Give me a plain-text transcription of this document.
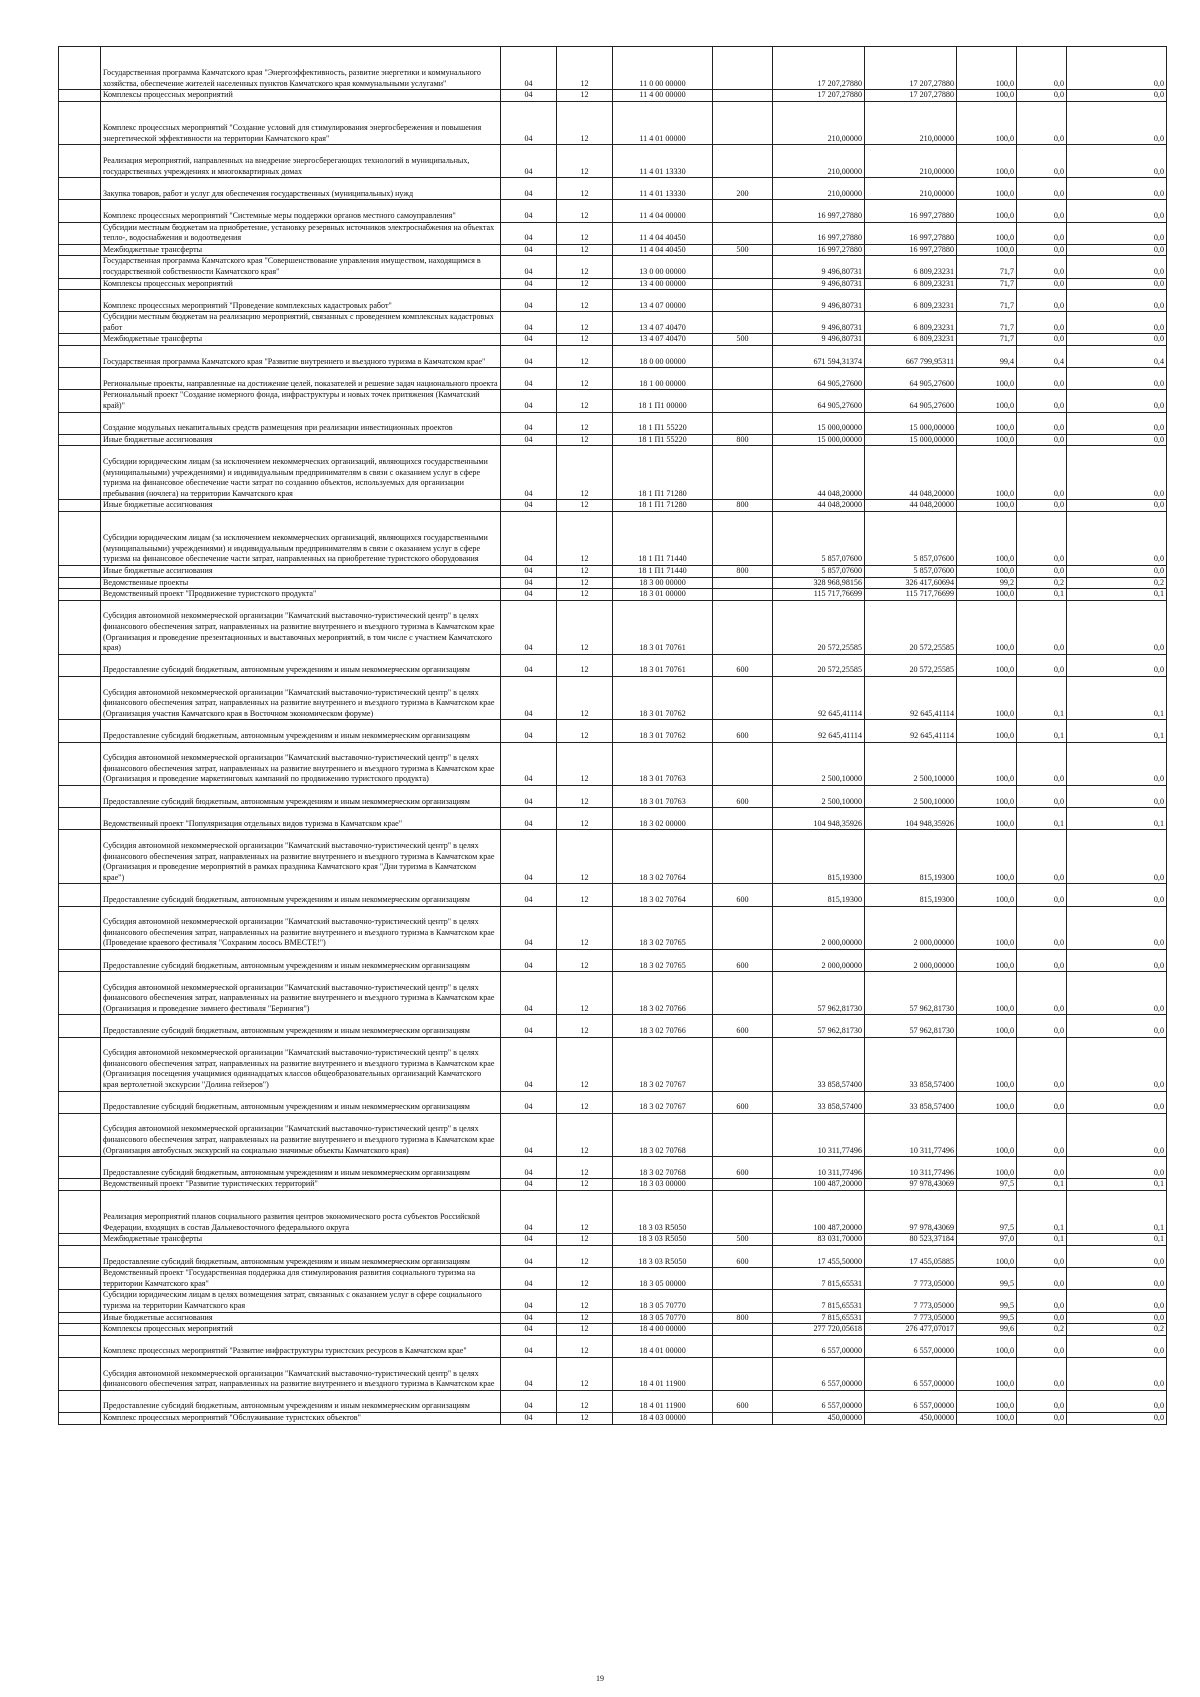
	Государственная программа Камчатского края "Энергоэффективность, развитие энергетики и коммунального хозяйства, обеспечение жителей населенных пунктов Камчатского края коммунальными услугами"	04	12	11 0 00 00000		17 207,27880	17 207,27880	100,0	0,0	0,0
	Комплексы процессных мероприятий	04	12	11 4 00 00000		17 207,27880	17 207,27880	100,0	0,0	0,0
	Комплекс процессных мероприятий "Создание условий для стимулирования энергосбережения и повышения энергетической эффективности на территории Камчатского края"	04	12	11 4 01 00000		210,00000	210,00000	100,0	0,0	0,0
	Реализация мероприятий, направленных на внедрение энергосберегающих технологий в муниципальных, государственных учреждениях и многоквартирных домах	04	12	11 4 01 13330		210,00000	210,00000	100,0	0,0	0,0
	Закупка товаров, работ и услуг для обеспечения государственных (муниципальных) нужд	04	12	11 4 01 13330	200	210,00000	210,00000	100,0	0,0	0,0
	Комплекс процессных мероприятий "Системные меры поддержки органов местного самоуправления"	04	12	11 4 04 00000		16 997,27880	16 997,27880	100,0	0,0	0,0
	Субсидии местным бюджетам на приобретение, установку резервных источников электроснабжения на объектах тепло-, водоснабжения и водоотведения	04	12	11 4 04 40450		16 997,27880	16 997,27880	100,0	0,0	0,0
	Межбюджетные трансферты	04	12	11 4 04 40450	500	16 997,27880	16 997,27880	100,0	0,0	0,0
	Государственная программа Камчатского края "Совершенствование управления имуществом, находящимся в государственной собственности Камчатского края"	04	12	13 0 00 00000		9 496,80731	6 809,23231	71,7	0,0	0,0
	Комплексы процессных мероприятий	04	12	13 4 00 00000		9 496,80731	6 809,23231	71,7	0,0	0,0
	Комплекс процессных мероприятий "Проведение комплексных кадастровых работ"	04	12	13 4 07 00000		9 496,80731	6 809,23231	71,7	0,0	0,0
	Субсидии местным бюджетам на реализацию мероприятий, связанных с проведением комплексных кадастровых работ	04	12	13 4 07 40470		9 496,80731	6 809,23231	71,7	0,0	0,0
	Межбюджетные трансферты	04	12	13 4 07 40470	500	9 496,80731	6 809,23231	71,7	0,0	0,0
	Государственная программа Камчатского края "Развитие внутреннего и въездного туризма в Камчатском крае"	04	12	18 0 00 00000		671 594,31374	667 799,95311	99,4	0,4	0,4
	Региональные проекты, направленные на достижение целей, показателей и решение задач национального проекта	04	12	18 1 00 00000		64 905,27600	64 905,27600	100,0	0,0	0,0
	Региональный проект "Создание номерного фонда, инфраструктуры и новых точек притяжения (Камчатский край)"	04	12	18 1 П1 00000		64 905,27600	64 905,27600	100,0	0,0	0,0
	Создание модульных некапитальных средств размещения при реализации инвестиционных проектов	04	12	18 1 П1 55220		15 000,00000	15 000,00000	100,0	0,0	0,0
	Иные бюджетные ассигнования	04	12	18 1 П1 55220	800	15 000,00000	15 000,00000	100,0	0,0	0,0
	Субсидии юридическим лицам (за исключением некоммерческих организаций, являющихся государственными (муниципальными) учреждениями) и индивидуальным предпринимателям в связи с оказанием услуг в сфере туризма на финансовое обеспечение части затрат по созданию объектов, используемых для организации пребывания (ночлега) на территории Камчатского края	04	12	18 1 П1 71280		44 048,20000	44 048,20000	100,0	0,0	0,0
	Иные бюджетные ассигнования	04	12	18 1 П1 71280	800	44 048,20000	44 048,20000	100,0	0,0	0,0
	Субсидии юридическим лицам (за исключением некоммерческих организаций, являющихся государственными (муниципальными) учреждениями) и индивидуальным предпринимателям в связи с оказанием услуг в сфере туризма на финансовое обеспечение части затрат, направленных на приобретение туристского оборудования	04	12	18 1 П1 71440		5 857,07600	5 857,07600	100,0	0,0	0,0
	Иные бюджетные ассигнования	04	12	18 1 П1 71440	800	5 857,07600	5 857,07600	100,0	0,0	0,0
	Ведомственные проекты	04	12	18 3 00 00000		328 968,98156	326 417,60694	99,2	0,2	0,2
	Ведомственный проект "Продвижение туристского продукта"	04	12	18 3 01 00000		115 717,76699	115 717,76699	100,0	0,1	0,1
	Субсидия автономной некоммерческой организации "Камчатский выставочно-туристический центр" в целях финансового обеспечения затрат, направленных на развитие внутреннего и въездного туризма в Камчатском крае (Организация и проведение презентационных и выставочных мероприятий, в том числе с участием Камчатского края)	04	12	18 3 01 70761		20 572,25585	20 572,25585	100,0	0,0	0,0
	Предоставление субсидий бюджетным, автономным учреждениям и иным некоммерческим организациям	04	12	18 3 01 70761	600	20 572,25585	20 572,25585	100,0	0,0	0,0
	Субсидия автономной некоммерческой организации "Камчатский выставочно-туристический центр" в целях финансового обеспечения затрат, направленных на развитие внутреннего и въездного туризма в Камчатском крае (Организация участия Камчатского края в Восточном экономическом форуме)	04	12	18 3 01 70762		92 645,41114	92 645,41114	100,0	0,1	0,1
	Предоставление субсидий бюджетным, автономным учреждениям и иным некоммерческим организациям	04	12	18 3 01 70762	600	92 645,41114	92 645,41114	100,0	0,1	0,1
	Субсидия автономной некоммерческой организации "Камчатский выставочно-туристический центр" в целях финансового обеспечения затрат, направленных на развитие внутреннего и въездного туризма в Камчатском крае (Организация и проведение маркетинговых кампаний по продвижению туристского продукта)	04	12	18 3 01 70763		2 500,10000	2 500,10000	100,0	0,0	0,0
	Предоставление субсидий бюджетным, автономным учреждениям и иным некоммерческим организациям	04	12	18 3 01 70763	600	2 500,10000	2 500,10000	100,0	0,0	0,0
	Ведомственный проект "Популяризация отдельных видов туризма в Камчатском крае"	04	12	18 3 02 00000		104 948,35926	104 948,35926	100,0	0,1	0,1
	Субсидия автономной некоммерческой организации "Камчатский выставочно-туристический центр" в целях финансового обеспечения затрат, направленных на развитие внутреннего и въездного туризма в Камчатском крае (Организация и проведение мероприятий в рамках праздника Камчатского края "Дни туризма в Камчатском крае")	04	12	18 3 02 70764		815,19300	815,19300	100,0	0,0	0,0
	Предоставление субсидий бюджетным, автономным учреждениям и иным некоммерческим организациям	04	12	18 3 02 70764	600	815,19300	815,19300	100,0	0,0	0,0
	Субсидия автономной некоммерческой организации "Камчатский выставочно-туристический центр" в целях финансового обеспечения затрат, направленных на развитие внутреннего и въездного туризма в Камчатском крае (Проведение краевого фестиваля "Сохраним лосось ВМЕСТЕ!")	04	12	18 3 02 70765		2 000,00000	2 000,00000	100,0	0,0	0,0
	Предоставление субсидий бюджетным, автономным учреждениям и иным некоммерческим организациям	04	12	18 3 02 70765	600	2 000,00000	2 000,00000	100,0	0,0	0,0
	Субсидия автономной некоммерческой организации "Камчатский выставочно-туристический центр" в целях финансового обеспечения затрат, направленных на развитие внутреннего и въездного туризма в Камчатском крае (Организация и проведение зимнего фестиваля "Берингия")	04	12	18 3 02 70766		57 962,81730	57 962,81730	100,0	0,0	0,0
	Предоставление субсидий бюджетным, автономным учреждениям и иным некоммерческим организациям	04	12	18 3 02 70766	600	57 962,81730	57 962,81730	100,0	0,0	0,0
	Субсидия автономной некоммерческой организации "Камчатский выставочно-туристический центр" в целях финансового обеспечения затрат, направленных на развитие внутреннего и въездного туризма в Камчатском крае (Организация посещения учащимися одиннадцатых классов общеобразовательных организаций Камчатского края вертолетной экскурсии "Долина гейзеров")	04	12	18 3 02 70767		33 858,57400	33 858,57400	100,0	0,0	0,0
	Предоставление субсидий бюджетным, автономным учреждениям и иным некоммерческим организациям	04	12	18 3 02 70767	600	33 858,57400	33 858,57400	100,0	0,0	0,0
	Субсидия автономной некоммерческой организации "Камчатский выставочно-туристический центр" в целях финансового обеспечения затрат, направленных на развитие внутреннего и въездного туризма в Камчатском крае (Организация автобусных экскурсий на социально значимые объекты Камчатского края)	04	12	18 3 02 70768		10 311,77496	10 311,77496	100,0	0,0	0,0
	Предоставление субсидий бюджетным, автономным учреждениям и иным некоммерческим организациям	04	12	18 3 02 70768	600	10 311,77496	10 311,77496	100,0	0,0	0,0
	Ведомственный проект "Развитие туристических территорий"	04	12	18 3 03 00000		100 487,20000	97 978,43069	97,5	0,1	0,1
	Реализация мероприятий планов социального развития центров экономического роста субъектов Российской Федерации, входящих в состав Дальневосточного федерального округа	04	12	18 3 03 R5050		100 487,20000	97 978,43069	97,5	0,1	0,1
	Межбюджетные трансферты	04	12	18 3 03 R5050	500	83 031,70000	80 523,37184	97,0	0,1	0,1
	Предоставление субсидий бюджетным, автономным учреждениям и иным некоммерческим организациям	04	12	18 3 03 R5050	600	17 455,50000	17 455,05885	100,0	0,0	0,0
	Ведомственный проект "Государственная поддержка для стимулирования развития социального туризма на территории Камчатского края"	04	12	18 3 05 00000		7 815,65531	7 773,05000	99,5	0,0	0,0
	Субсидии юридическим лицам в целях возмещения затрат, связанных с оказанием услуг в сфере социального туризма на территории Камчатского края	04	12	18 3 05 70770		7 815,65531	7 773,05000	99,5	0,0	0,0
	Иные бюджетные ассигнования	04	12	18 3 05 70770	800	7 815,65531	7 773,05000	99,5	0,0	0,0
	Комплексы процессных мероприятий	04	12	18 4 00 00000		277 720,05618	276 477,07017	99,6	0,2	0,2
	Комплекс процессных мероприятий "Развитие инфраструктуры туристских ресурсов в Камчатском крае"	04	12	18 4 01 00000		6 557,00000	6 557,00000	100,0	0,0	0,0
	Субсидия автономной некоммерческой организации "Камчатский выставочно-туристический центр" в целях финансового обеспечения затрат, направленных на развитие внутреннего и въездного туризма в Камчатском крае	04	12	18 4 01 11900		6 557,00000	6 557,00000	100,0	0,0	0,0
	Предоставление субсидий бюджетным, автономным учреждениям и иным некоммерческим организациям	04	12	18 4 01 11900	600	6 557,00000	6 557,00000	100,0	0,0	0,0
	Комплекс процессных мероприятий "Обслуживание туристских объектов"	04	12	18 4 03 00000		450,00000	450,00000	100,0	0,0	0,0
19
